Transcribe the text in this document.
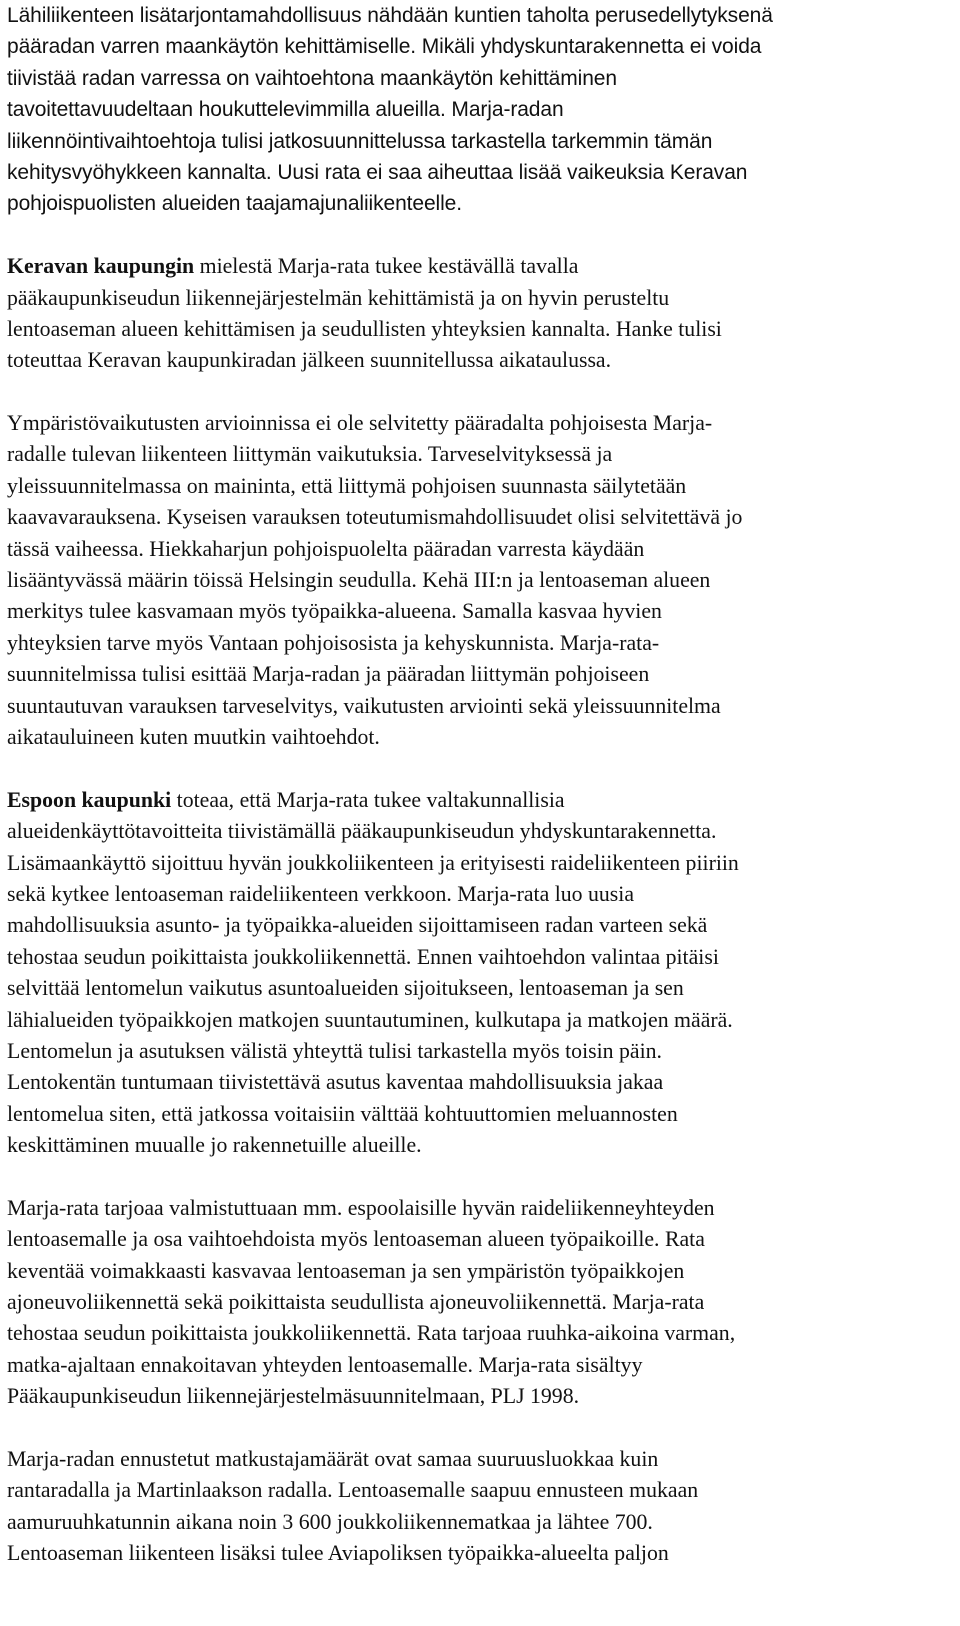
Lähiliikenteen lisätarjontamahdollisuus nähdään kuntien taholta perusedellytyksenä
pääradan varren maankäytön kehittämiselle. Mikäli yhdyskuntarakennetta ei voida
tiivistää radan varressa on vaihtoehtona maankäytön kehittäminen
tavoitettavuudeltaan houkuttelevimmilla alueilla. Marja-radan
liikennöintivaihtoehtoja tulisi jatkosuunnittelussa tarkastella tarkemmin tämän
kehitysvyöhykkeen kannalta. Uusi rata ei saa aiheuttaa lisää vaikeuksia Keravan
pohjoispuolisten alueiden taajamajunaliikenteelle.
Keravan kaupungin mielestä Marja-rata tukee kestävällä tavalla
pääkaupunkiseudun liikennejärjestelmän kehittämistä ja on hyvin perusteltu
lentoaseman alueen kehittämisen ja seudullisten yhteyksien kannalta. Hanke tulisi
toteuttaa Keravan kaupunkiradan jälkeen suunnitellussa aikataulussa.
Ympäristövaikutusten arvioinnissa ei ole selvitetty pääradalta pohjoisesta Marja-
radalle tulevan liikenteen liittymän vaikutuksia. Tarveselvityksessä ja
yleissuunnitelmassa on maininta, että liittymä pohjoisen suunnasta säilytetään
kaavavarauksena. Kyseisen varauksen toteutumismahdollisuudet olisi selvitettävä jo
tässä vaiheessa. Hiekkaharjun pohjoispuolelta pääradan varresta käydään
lisääntyvässä määrin töissä Helsingin seudulla. Kehä III:n ja lentoaseman alueen
merkitys tulee kasvamaan myös työpaikka-alueena. Samalla kasvaa hyvien
yhteyksien tarve myös Vantaan pohjoisosista ja kehyskunnista. Marja-rata-
suunnitelmissa tulisi esittää Marja-radan ja pääradan liittymän pohjoiseen
suuntautuvan varauksen tarveselvitys, vaikutusten arviointi sekä yleissuunnitelma
aikatauluineen kuten muutkin vaihtoehdot.
Espoon kaupunki toteaa, että Marja-rata tukee valtakunnallisia
alueidenkäyttötavoitteita tiivistämällä pääkaupunkiseudun yhdyskuntarakennetta.
Lisämaankäyttö sijoittuu hyvän joukkoliikenteen ja erityisesti raideliikenteen piiriin
sekä kytkee lentoaseman raideliikenteen verkkoon. Marja-rata luo uusia
mahdollisuuksia asunto- ja työpaikka-alueiden sijoittamiseen radan varteen sekä
tehostaa seudun poikittaista joukkoliikennettä. Ennen vaihtoehdon valintaa pitäisi
selvittää lentomelun vaikutus asuntoalueiden sijoitukseen, lentoaseman ja sen
lähialueiden työpaikkojen matkojen suuntautuminen, kulkutapa ja matkojen määrä.
Lentomelun ja asutuksen välistä yhteyttä tulisi tarkastella myös toisin päin.
Lentokentän tuntumaan tiivistettävä asutus kaventaa mahdollisuuksia jakaa
lentomelua siten, että jatkossa voitaisiin välttää kohtuuttomien meluannosten
keskittäminen muualle jo rakennetuille alueille.
Marja-rata tarjoaa valmistuttuaan mm. espoolaisille hyvän raideliikenneyhteyden
lentoasemalle ja osa vaihtoehdoista myös lentoaseman alueen työpaikoille. Rata
keventää voimakkaasti kasvavaa lentoaseman ja sen ympäristön työpaikkojen
ajoneuvoliikennettä sekä poikittaista seudullista ajoneuvoliikennettä. Marja-rata
tehostaa seudun poikittaista joukkoliikennettä. Rata tarjoaa ruuhka-aikoina varman,
matka-ajaltaan ennakoitavan yhteyden lentoasemalle. Marja-rata sisältyy
Pääkaupunkiseudun liikennejärjestelmäsuunnitelmaan, PLJ 1998.
Marja-radan ennustetut matkustajamäärät ovat samaa suuruusluokkaa kuin
rantaradalla ja Martinlaakson radalla. Lentoasemalle saapuu ennusteen mukaan
aamuruuhkatunnin aikana noin 3 600 joukkoliikennematkaa ja lähtee 700.
Lentoaseman liikenteen lisäksi tulee Aviapoliksen työpaikka-alueelta paljon
